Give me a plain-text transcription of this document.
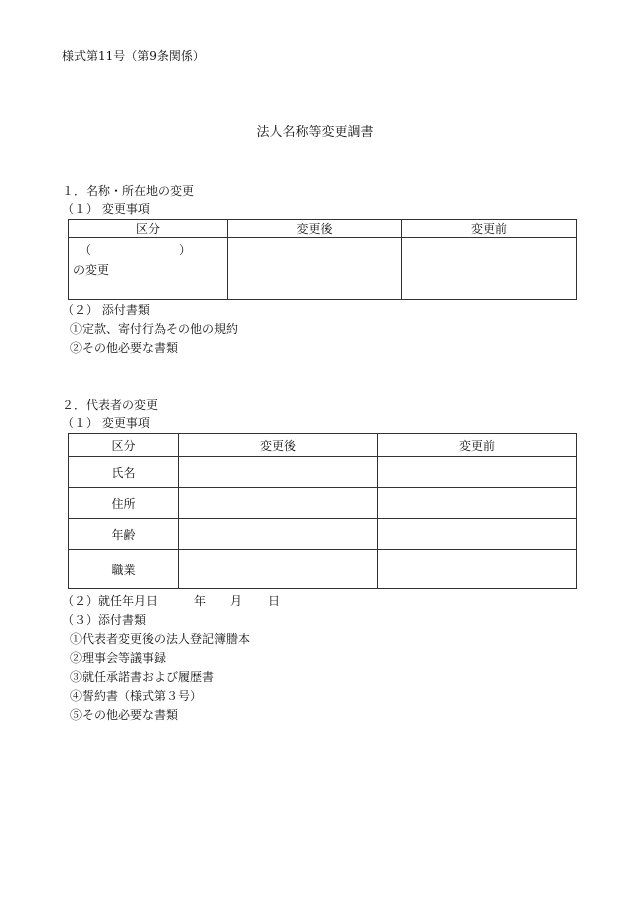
様式第11号（第9条関係）
法人名称等変更調書
１．名称・所在地の変更
（１） 変更事項
区分	変更後	変更前

（ ）
の変更		

（２） 添付書類
①定款、寄付行為その他の規約
②その他必要な書類
２．代表者の変更
（１） 変更事項
区分	変更後	変更前
氏名		
住所		
年齢		
職業		
（２）就任年月日	年 月 日
（３）添付書類
①代表者変更後の法人登記簿謄本
②理事会等議事録
③就任承諾書および履歴書
④誓約書（様式第３号）
⑤その他必要な書類
